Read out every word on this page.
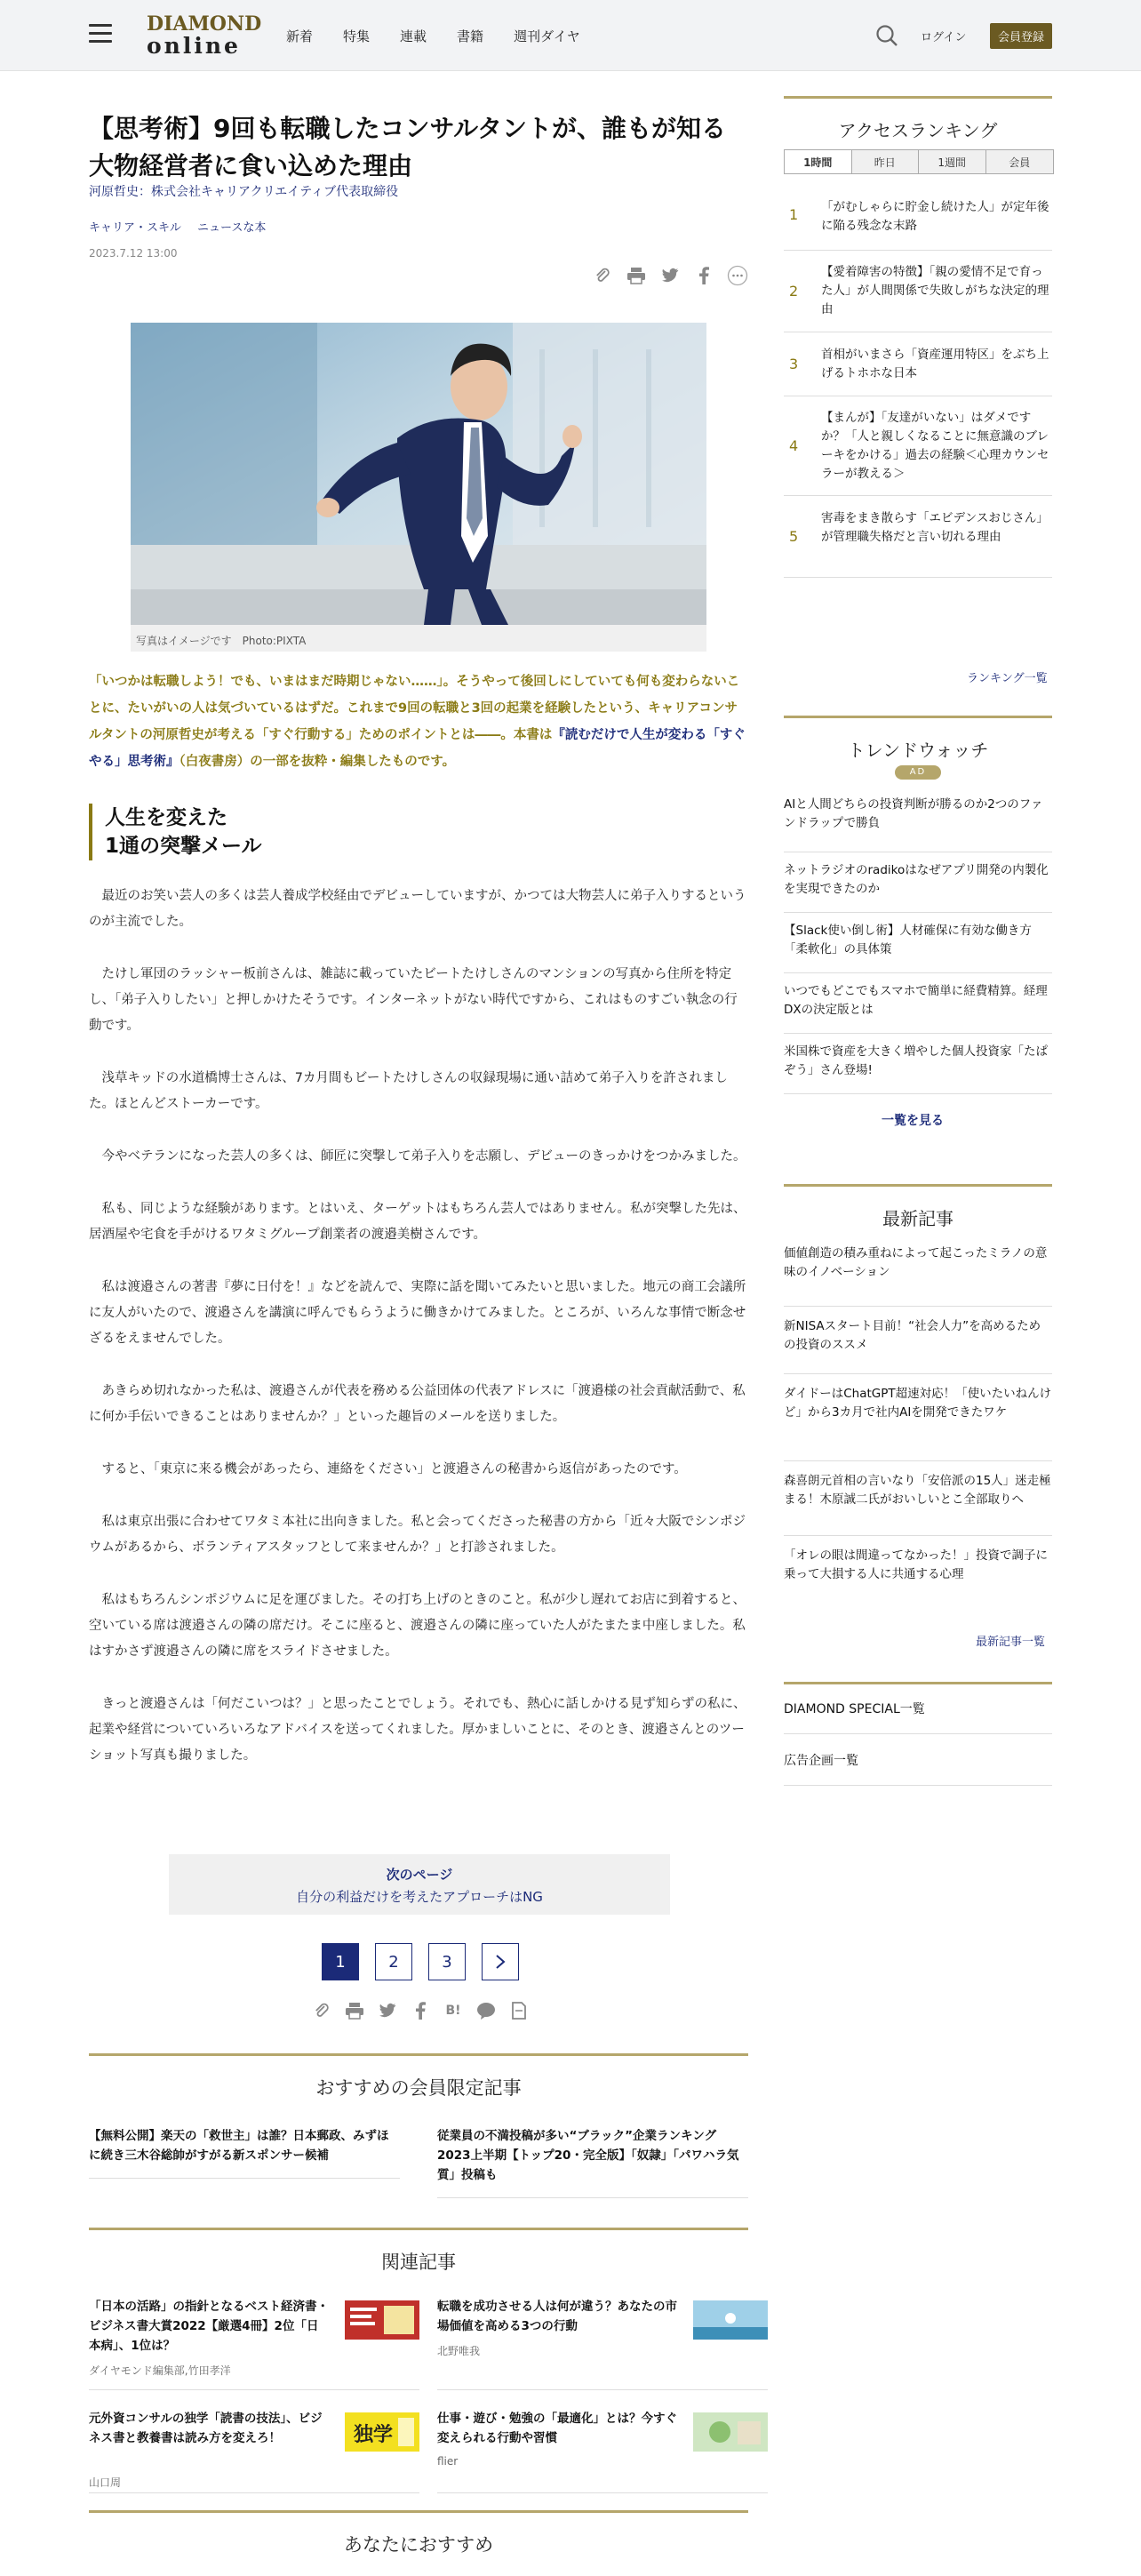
DIAMOND
online	新着 特集 連載 書籍 週刊ダイヤ	ログイン	会員登録
【思考術】9回も転職したコンサルタントが、誰もが知る大物経営者に食い込めた理由
河原哲史：株式会社キャリアクリエイティブ代表取締役
キャリア・スキル ニュースな本
2023.7.12 13:00
写真はイメージです　Photo:PIXTA

「いつかは転職しよう！でも、いまはまだ時期じゃない……」。そうやって後回しにしていても何も変わらないことに、たいがいの人は気づいているはずだ。これまで9回の転職と3回の起業を経験したという、キャリアコンサルタントの河原哲史が考える「すぐ行動する」ためのポイントとは――。本書は『読むだけで人生が変わる「すぐやる」思考術』（白夜書房）の一部を抜粋・編集したものです。

人生を変えた
1通の突撃メール

最近のお笑い芸人の多くは芸人養成学校経由でデビューしていますが、かつては大物芸人に弟子入りするというのが主流でした。

たけし軍団のラッシャー板前さんは、雑誌に載っていたビートたけしさんのマンションの写真から住所を特定し、「弟子入りしたい」と押しかけたそうです。インターネットがない時代ですから、これはものすごい執念の行動です。

浅草キッドの水道橋博士さんは、7カ月間もビートたけしさんの収録現場に通い詰めて弟子入りを許されました。ほとんどストーカーです。

今やベテランになった芸人の多くは、師匠に突撃して弟子入りを志願し、デビューのきっかけをつかみました。

私も、同じような経験があります。とはいえ、ターゲットはもちろん芸人ではありません。私が突撃した先は、居酒屋や宅食を手がけるワタミグループ創業者の渡邉美樹さんです。

私は渡邉さんの著書『夢に日付を！』などを読んで、実際に話を聞いてみたいと思いました。地元の商工会議所に友人がいたので、渡邉さんを講演に呼んでもらうように働きかけてみました。ところが、いろんな事情で断念せざるをえませんでした。

あきらめ切れなかった私は、渡邉さんが代表を務める公益団体の代表アドレスに「渡邉様の社会貢献活動で、私に何か手伝いできることはありませんか？」といった趣旨のメールを送りました。

すると、「東京に来る機会があったら、連絡をください」と渡邉さんの秘書から返信があったのです。

私は東京出張に合わせてワタミ本社に出向きました。私と会ってくださった秘書の方から「近々大阪でシンポジウムがあるから、ボランティアスタッフとして来ませんか？」と打診されました。

私はもちろんシンポジウムに足を運びました。その打ち上げのときのこと。私が少し遅れてお店に到着すると、空いている席は渡邉さんの隣の席だけ。そこに座ると、渡邉さんの隣に座っていた人がたまたま中座しました。私はすかさず渡邉さんの隣に席をスライドさせました。

きっと渡邉さんは「何だこいつは？」と思ったことでしょう。それでも、熱心に話しかける見ず知らずの私に、起業や経営についていろいろなアドバイスを送ってくれました。厚かましいことに、そのとき、渡邉さんとのツーショット写真も撮りました。

次のページ
自分の利益だけを考えたアプローチはNG
1	2	3
B!
おすすめの会員限定記事
【無料公開】楽天の「救世主」は誰？日本郵政、みずほに続き三木谷総帥がすがる新スポンサー候補
従業員の不満投稿が多い“ブラック”企業ランキング2023上半期【トップ20・完全版】「奴隷」「パワハラ気質」投稿も
関連記事
「日本の活路」の指針となるベスト経済書・ビジネス書大賞2022【厳選4冊】2位「日本病」、1位は？
ダイヤモンド編集部,竹田孝洋
転職を成功させる人は何が違う？あなたの市場価値を高める3つの行動
北野唯我
元外資コンサルの独学「読書の技法」、ビジネス書と教養書は読み方を変えろ！
山口周
独学
仕事・遊び・勉強の「最適化」とは？今すぐ変えられる行動や習慣
flier
あなたにおすすめ
アクセスランキング
1時間	昨日	1週間	会員
1 「がむしゃらに貯金し続けた人」が定年後に陥る残念な末路
2
【愛着障害の特徴】「親の愛情不足で育った人」が人間関係で失敗しがちな決定的理由
3
首相がいまさら「資産運用特区」をぶち上げるトホホな日本
4
【まんが】「友達がいない」はダメですか？「人と親しくなることに無意識のブレーキをかける」過去の経験＜心理カウンセラーが教える＞
5
害毒をまき散らす「エビデンスおじさん」が管理職失格だと言い切れる理由
ランキング一覧
トレンドウォッチ
AD
AIと人間どちらの投資判断が勝るのか2つのファンドラップで勝負
ネットラジオのradikoはなぜアプリ開発の内製化を実現できたのか
【Slack使い倒し術】人材確保に有効な働き方「柔軟化」の具体策
いつでもどこでもスマホで簡単に経費精算。経理DXの決定版とは
米国株で資産を大きく増やした個人投資家「たぱぞう」さん登場!
一覧を見る
最新記事
価値創造の積み重ねによって起こったミラノの意味のイノベーション
新NISAスタート目前！“社会人力”を高めるための投資のススメ
ダイドーはChatGPT超速対応！「使いたいねんけど」から3カ月で社内AIを開発できたワケ
森喜朗元首相の言いなり「安倍派の15人」迷走極まる！木原誠二氏がおいしいとこ全部取りへ
「オレの眼は間違ってなかった！」投資で調子に乗って大損する人に共通する心理
最新記事一覧
DIAMOND SPECIAL一覧
広告企画一覧
